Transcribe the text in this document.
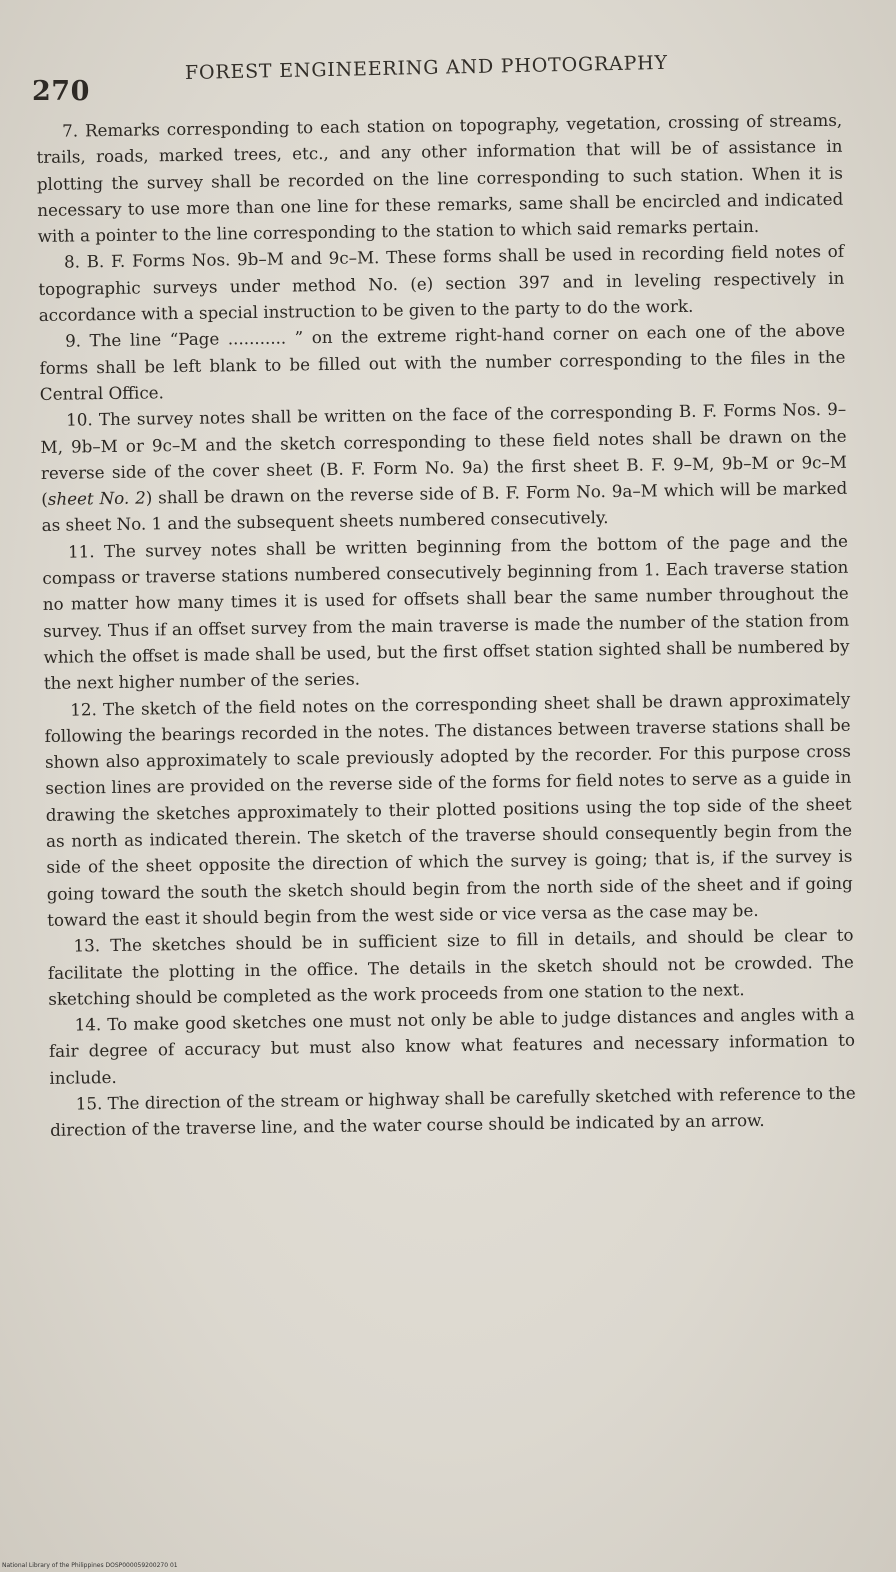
270
FOREST ENGINEERING AND PHOTOGRAPHY

7. Remarks corresponding to each station on topography, vegetation, crossing of streams, trails, roads, marked trees, etc., and any other information that will be of assistance in plotting the survey shall be recorded on the line corresponding to such station. When it is necessary to use more than one line for these remarks, same shall be encircled and indicated with a pointer to the line corresponding to the station to which said remarks pertain.

8. B. F. Forms Nos. 9b–M and 9c–M. These forms shall be used in recording field notes of topographic surveys under method No. (e) section 397 and in leveling respectively in accordance with a special instruction to be given to the party to do the work.

9. The line “Page ........... ” on the extreme right-hand corner on each one of the above forms shall be left blank to be filled out with the number corresponding to the files in the Central Office.

10. The survey notes shall be written on the face of the corresponding B. F. Forms Nos. 9–M, 9b–M or 9c–M and the sketch corresponding to these field notes shall be drawn on the reverse side of the cover sheet (B. F. Form No. 9a) the first sheet B. F. 9–M, 9b–M or 9c–M (sheet No. 2) shall be drawn on the reverse side of B. F. Form No. 9a–M which will be marked as sheet No. 1 and the subsequent sheets numbered consecutively.

11. The survey notes shall be written beginning from the bottom of the page and the compass or traverse stations numbered consecutively beginning from 1. Each traverse station no matter how many times it is used for offsets shall bear the same number throughout the survey. Thus if an offset survey from the main traverse is made the number of the station from which the offset is made shall be used, but the first offset station sighted shall be numbered by the next higher number of the series.

12. The sketch of the field notes on the corresponding sheet shall be drawn approximately following the bearings recorded in the notes. The distances between traverse stations shall be shown also approximately to scale previously adopted by the recorder. For this purpose cross section lines are provided on the reverse side of the forms for field notes to serve as a guide in drawing the sketches approximately to their plotted positions using the top side of the sheet as north as indicated therein. The sketch of the traverse should consequently begin from the side of the sheet opposite the direction of which the survey is going; that is, if the survey is going toward the south the sketch should begin from the north side of the sheet and if going toward the east it should begin from the west side or vice versa as the case may be.

13. The sketches should be in sufficient size to fill in details, and should be clear to facilitate the plotting in the office. The details in the sketch should not be crowded. The sketching should be completed as the work proceeds from one station to the next.

14. To make good sketches one must not only be able to judge distances and angles with a fair degree of accuracy but must also know what features and necessary information to include.

15. The direction of the stream or highway shall be carefully sketched with reference to the direction of the traverse line, and the water course should be indicated by an arrow.

National Library of the Philippines DOSP000059200270 01
